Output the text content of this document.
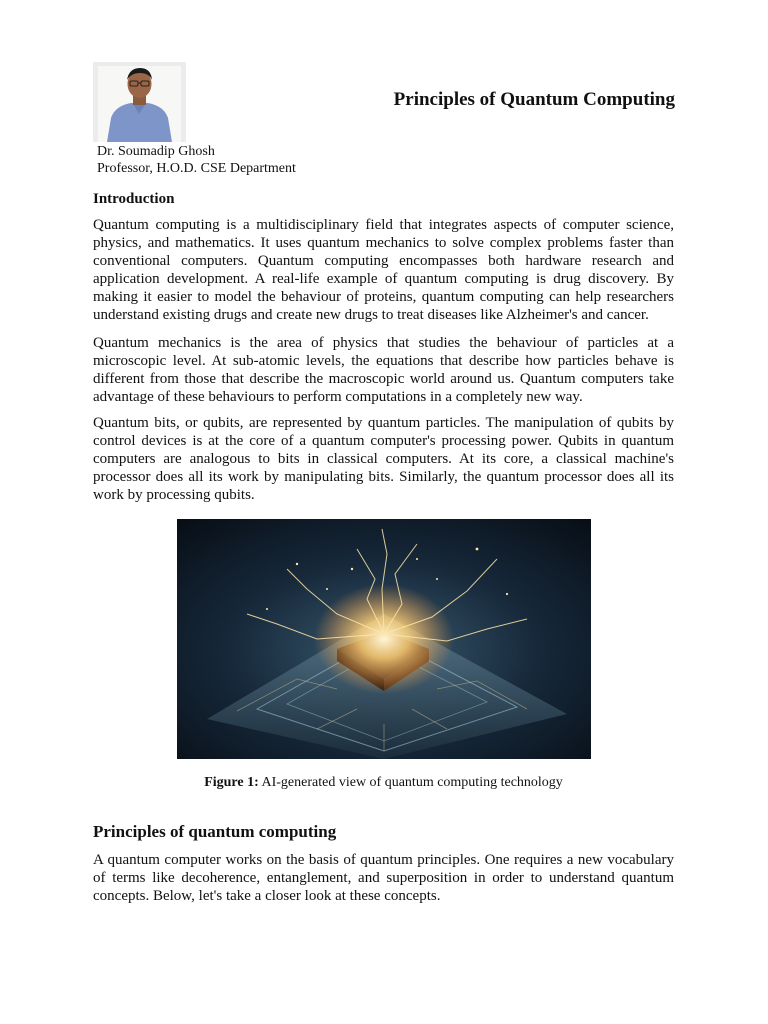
Principles of Quantum Computing
Dr. Soumadip Ghosh
Professor, H.O.D. CSE Department
Introduction

Quantum computing is a multidisciplinary field that integrates aspects of computer science, physics, and mathematics. It uses quantum mechanics to solve complex problems faster than conventional computers. Quantum computing encompasses both hardware research and application development. A real-life example of quantum computing is drug discovery. By making it easier to model the behaviour of proteins, quantum computing can help researchers understand existing drugs and create new drugs to treat diseases like Alzheimer's and cancer.

Quantum mechanics is the area of physics that studies the behaviour of particles at a microscopic level. At sub-atomic levels, the equations that describe how particles behave is different from those that describe the macroscopic world around us. Quantum computers take advantage of these behaviours to perform computations in a completely new way.

Quantum bits, or qubits, are represented by quantum particles. The manipulation of qubits by control devices is at the core of a quantum computer's processing power. Qubits in quantum computers are analogous to bits in classical computers. At its core, a classical machine's processor does all its work by manipulating bits. Similarly, the quantum processor does all its work by processing qubits.

Figure 1: AI-generated view of quantum computing technology

Principles of quantum computing

A quantum computer works on the basis of quantum principles. One requires a new vocabulary of terms like decoherence, entanglement, and superposition in order to understand quantum concepts. Below, let's take a closer look at these concepts.
